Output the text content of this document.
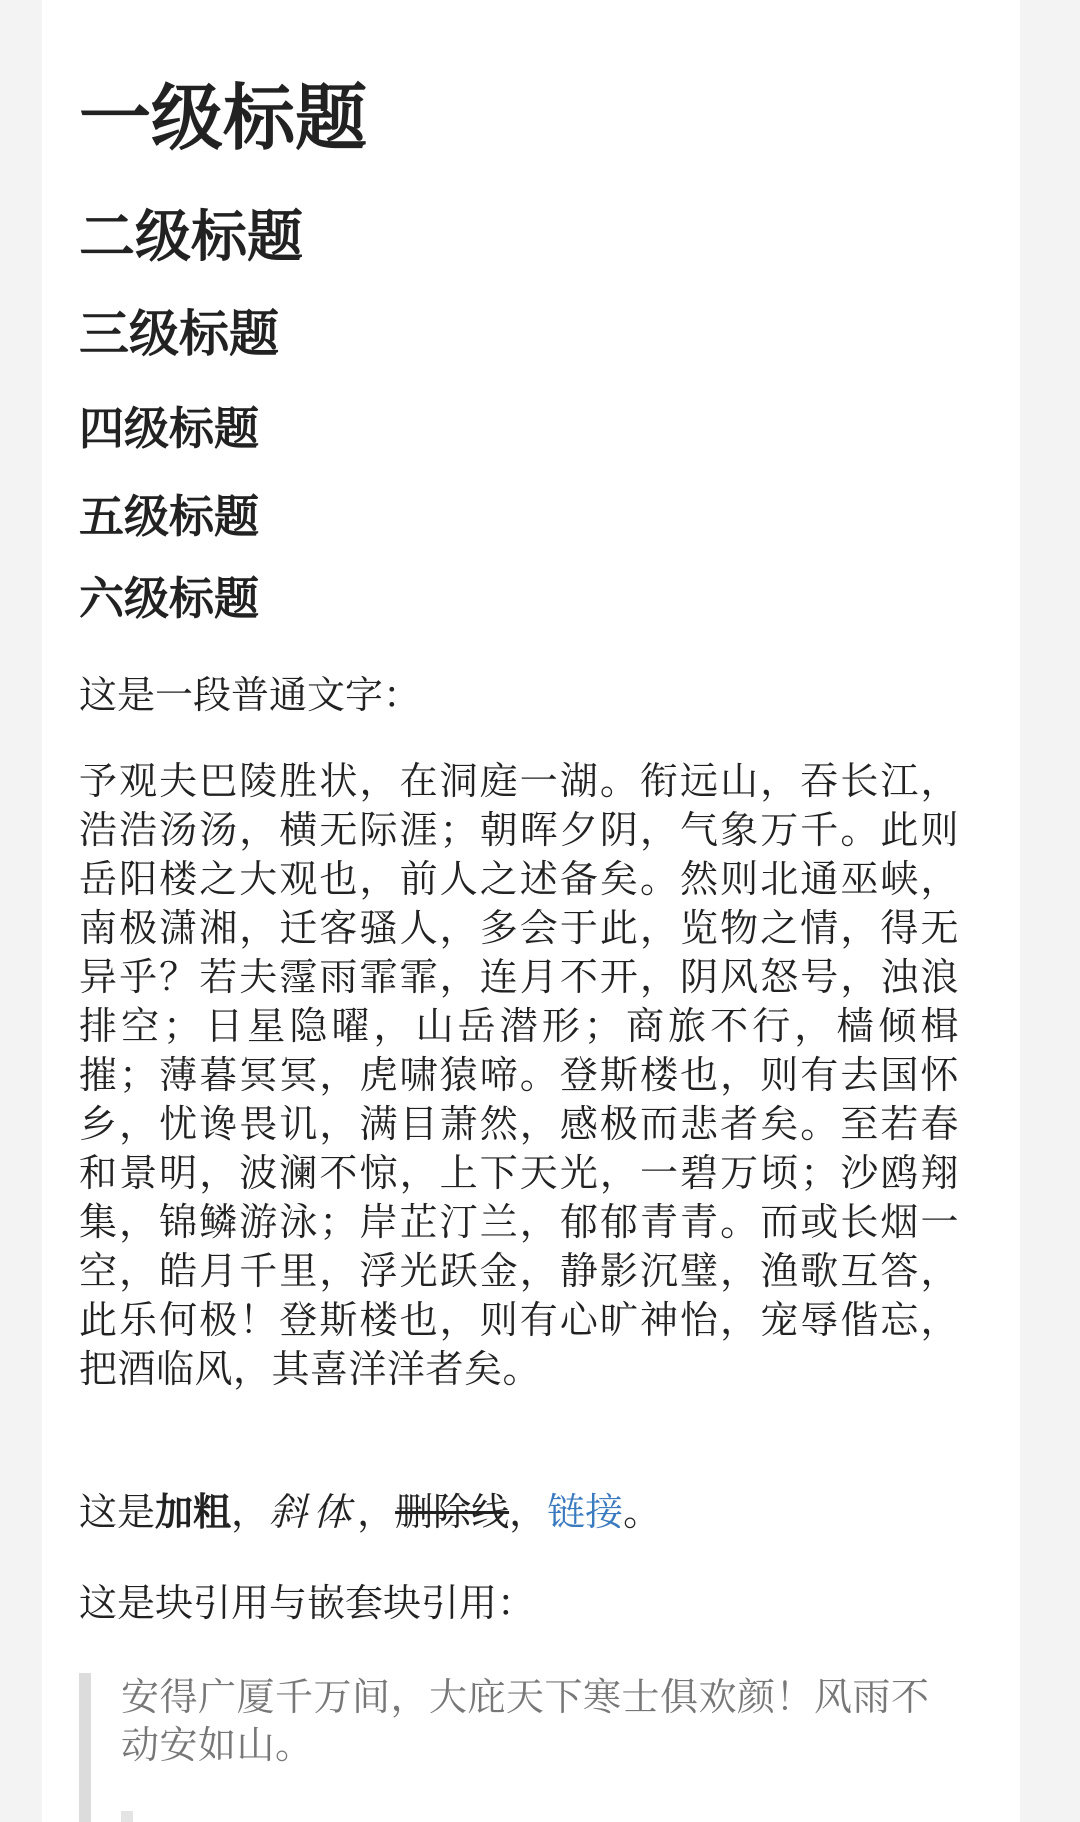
一级标题
二级标题
三级标题
四级标题
五级标题
六级标题

这是一段普通文字：

予观夫巴陵胜状，在洞庭一湖。衔远山，吞长江，浩浩汤汤，横无际涯；朝晖夕阴，气象万千。此则岳阳楼之大观也，前人之述备矣。然则北通巫峡，南极潇湘，迁客骚人，多会于此，览物之情，得无异乎？若夫霪雨霏霏，连月不开，阴风怒号，浊浪排空；日星隐曜，山岳潜形；商旅不行，樯倾楫摧；薄暮冥冥，虎啸猿啼。登斯楼也，则有去国怀乡，忧谗畏讥，满目萧然，感极而悲者矣。至若春和景明，波澜不惊，上下天光，一碧万顷；沙鸥翔集，锦鳞游泳；岸芷汀兰，郁郁青青。而或长烟一空，皓月千里，浮光跃金，静影沉璧，渔歌互答，此乐何极！登斯楼也，则有心旷神怡，宠辱偕忘，把酒临风，其喜洋洋者矣。

这是加粗，斜体，删除线，链接。

这是块引用与嵌套块引用：

安得广厦千万间，大庇天下寒士俱欢颜！风雨不动安如山。
